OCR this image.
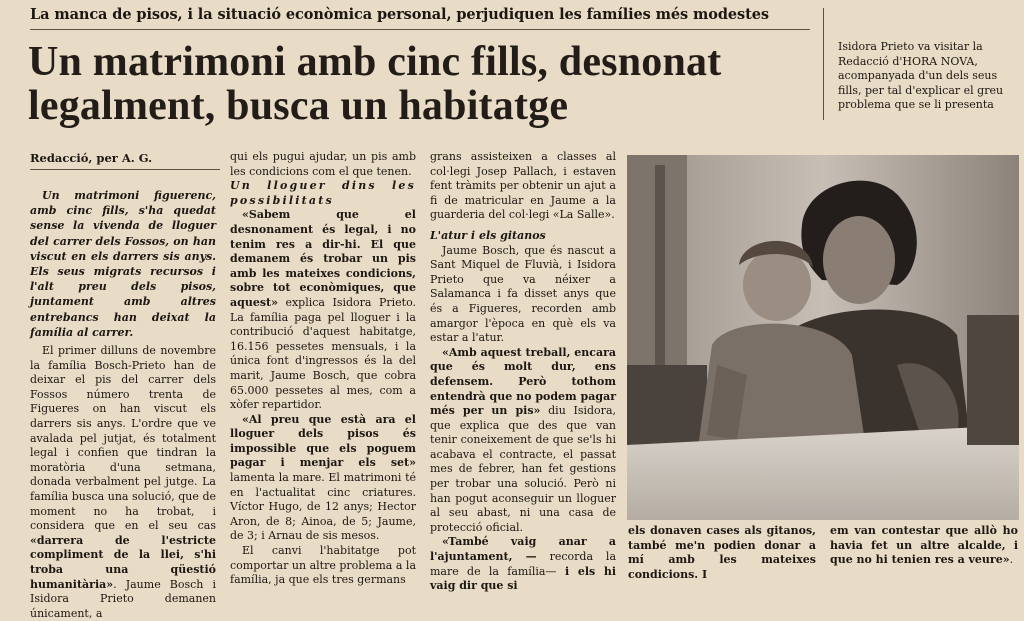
La manca de pisos, i la situació econòmica personal, perjudiquen les famílies més modestes
Isidora Prieto va visitar la Redacció d'HORA NOVA, acompanyada d'un dels seus fills, per tal d'explicar el greu problema que se li presenta
Un matrimoni amb cinc fills, desnonat
legalment, busca un habitatge
Redacció, per A. G.

Un matrimoni figuerenc, amb cinc fills, s'ha quedat sense la vivenda de lloguer del carrer dels Fossos, on han viscut en els darrers sis anys. Els seus migrats recursos i l'alt preu dels pisos, juntament amb altres entrebancs han deixat la família al carrer.

El primer dilluns de novembre la família Bosch-Prieto han de deixar el pis del carrer dels Fossos número trenta de Figueres on han viscut els darrers sis anys. L'ordre que ve avalada pel jutjat, és totalment legal i confien que tindran la moratòria d'una setmana, donada verbalment pel jutge. La família busca una solució, que de moment no ha trobat, i considera que en el seu cas «darrera de l'estricte compliment de la llei, s'hi troba una qüestió humanitària». Jaume Bosch i Isidora Prieto demanen únicament, a

qui els pugui ajudar, un pis amb les condicions com el que tenen.

Un lloguer dins les possibilitats

«Sabem que el desnonament és legal, i no tenim res a dir-hi. El que demanem és trobar un pis amb les mateixes condicions, sobre tot econòmiques, que aquest» explica Isidora Prieto. La família paga pel lloguer i la contribució d'aquest habitatge, 16.156 pessetes mensuals, i la única font d'ingressos és la del marit, Jaume Bosch, que cobra 65.000 pessetes al mes, com a xòfer repartidor.

«Al preu que està ara el lloguer dels pisos és impossible que els poguem pagar i menjar els set» lamenta la mare. El matrimoni té en l'actualitat cinc criatures. Víctor Hugo, de 12 anys; Hector Aron, de 8; Ainoa, de 5; Jaume, de 3; i Arnau de sis mesos.

El canvi l'habitatge pot comportar un altre problema a la família, ja que els tres germans

grans assisteixen a classes al col·legi Josep Pallach, i estaven fent tràmits per obtenir un ajut a fi de matricular en Jaume a la guarderia del col·legi «La Salle».

L'atur i els gitanos

Jaume Bosch, que és nascut a Sant Miquel de Fluvià, i Isidora Prieto que va néixer a Salamanca i fa disset anys que és a Figueres, recorden amb amargor l'època en què els va estar a l'atur.

«Amb aquest treball, encara que és molt dur, ens defensem. Però tothom entendrà que no podem pagar més per un pis» diu Isidora, que explica que des que van tenir coneixement de que se'ls hi acabava el contracte, el passat mes de febrer, han fet gestions per trobar una solució. Però ni han pogut aconseguir un lloguer al seu abast, ni una casa de protecció oficial.

«També vaig anar a l'ajuntament, — recorda la mare de la família— i els hi vaig dir que si

els donaven cases als gitanos, també me'n podien donar a mí amb les mateixes condicions. I

em van contestar que allò ho havia fet un altre alcalde, i que no hi tenien res a veure».
